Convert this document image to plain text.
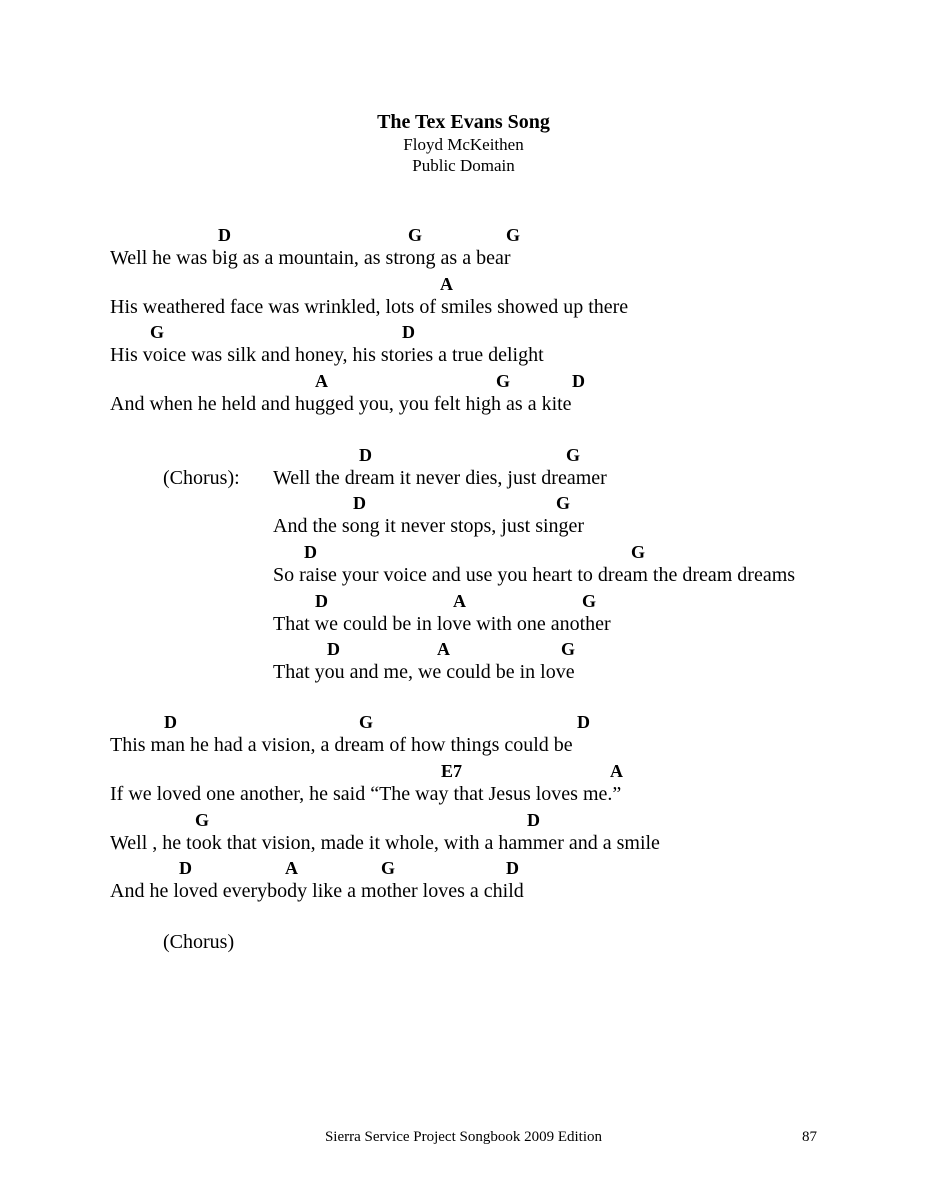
The Tex Evans Song
Floyd McKeithen
Public Domain
D	G	G
Well he was big as a mountain, as strong as a bear
A
His weathered face was wrinkled, lots of smiles showed up there
G	D
His voice was silk and honey, his stories a true delight
A	G	D
And when he held and hugged you, you felt high as a kite
(Chorus):
D	G
Well the dream it never dies, just dreamer
D	G
And the song it never stops, just singer
D	G
So raise your voice and use you heart to dream the dream dreams
D	A	G
That we could be in love with one another
D	A	G
That you and me, we could be in love
D	G	D
This man he had a vision, a dream of how things could be
E7	A
If we loved one another, he said “The way that Jesus loves me.”
G	D
Well , he took that vision, made it whole, with a hammer and a smile
D	A	G	D
And he loved everybody like a mother loves a child
(Chorus)
Sierra Service Project Songbook 2009 Edition	87
